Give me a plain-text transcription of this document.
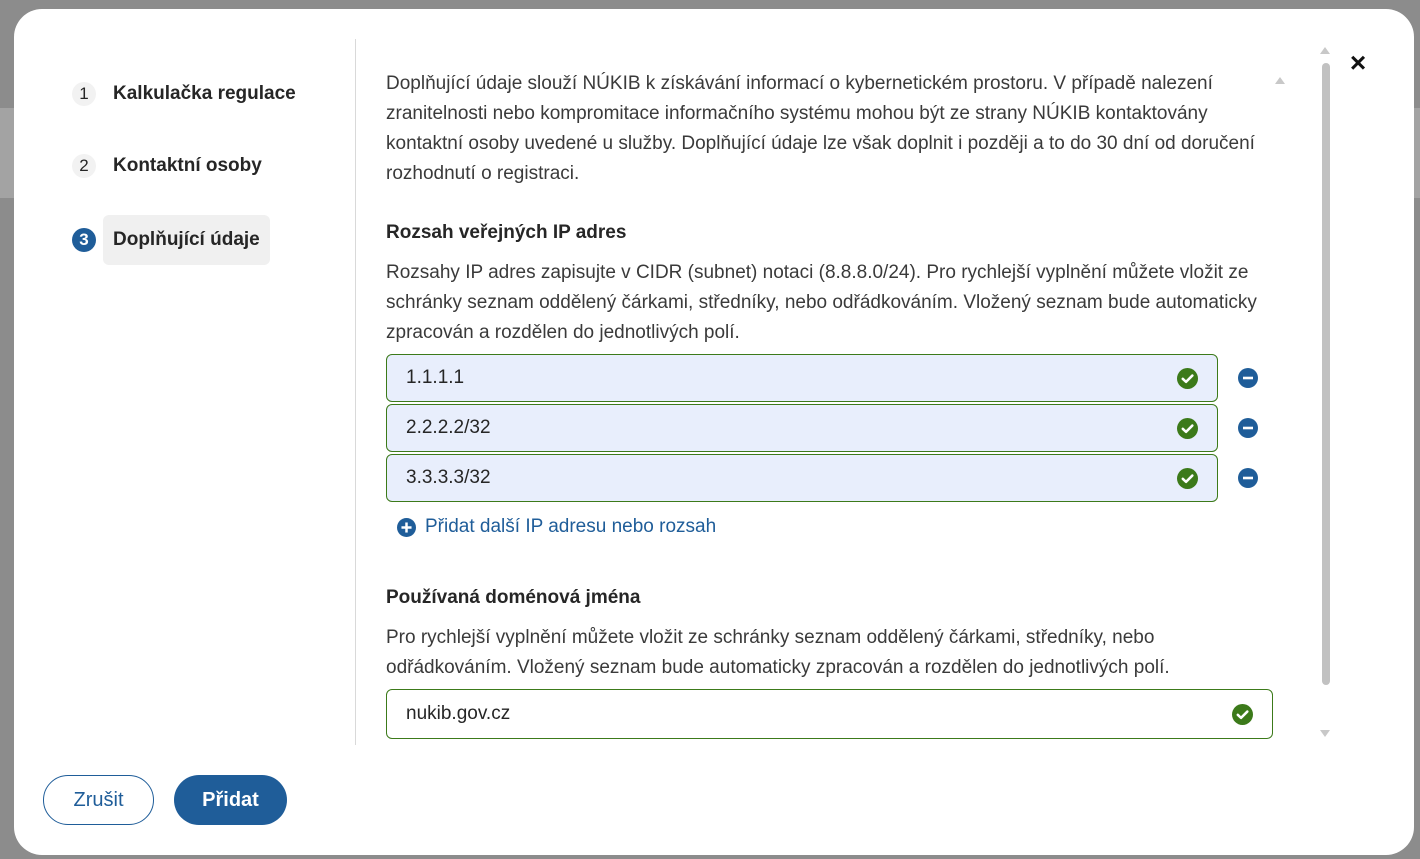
1	Kalkulačka regulace
2	Kontaktní osoby
3	Doplňující údaje

Doplňující údaje slouží NÚKIB k získávání informací o kybernetickém prostoru. V případě nalezení zranitelnosti nebo kompromitace informačního systému mohou být ze strany NÚKIB kontaktovány kontaktní osoby uvedené u služby. Doplňující údaje lze však doplnit i později a to do 30 dní od doručení rozhodnutí o registraci.

Rozsah veřejných IP adres
Rozsahy IP adres zapisujte v CIDR (subnet) notaci (8.8.8.0/24). Pro rychlejší vyplnění můžete vložit ze schránky seznam oddělený čárkami, středníky, nebo odřádkováním. Vložený seznam bude automaticky zpracován a rozdělen do jednotlivých polí.
1.1.1.1
2.2.2.2/32
3.3.3.3/32
Přidat další IP adresu nebo rozsah
Používaná doménová jména
Pro rychlejší vyplnění můžete vložit ze schránky seznam oddělený čárkami, středníky, nebo odřádkováním. Vložený seznam bude automaticky zpracován a rozdělen do jednotlivých polí.
nukib.gov.cz
×
Zrušit	Přidat
